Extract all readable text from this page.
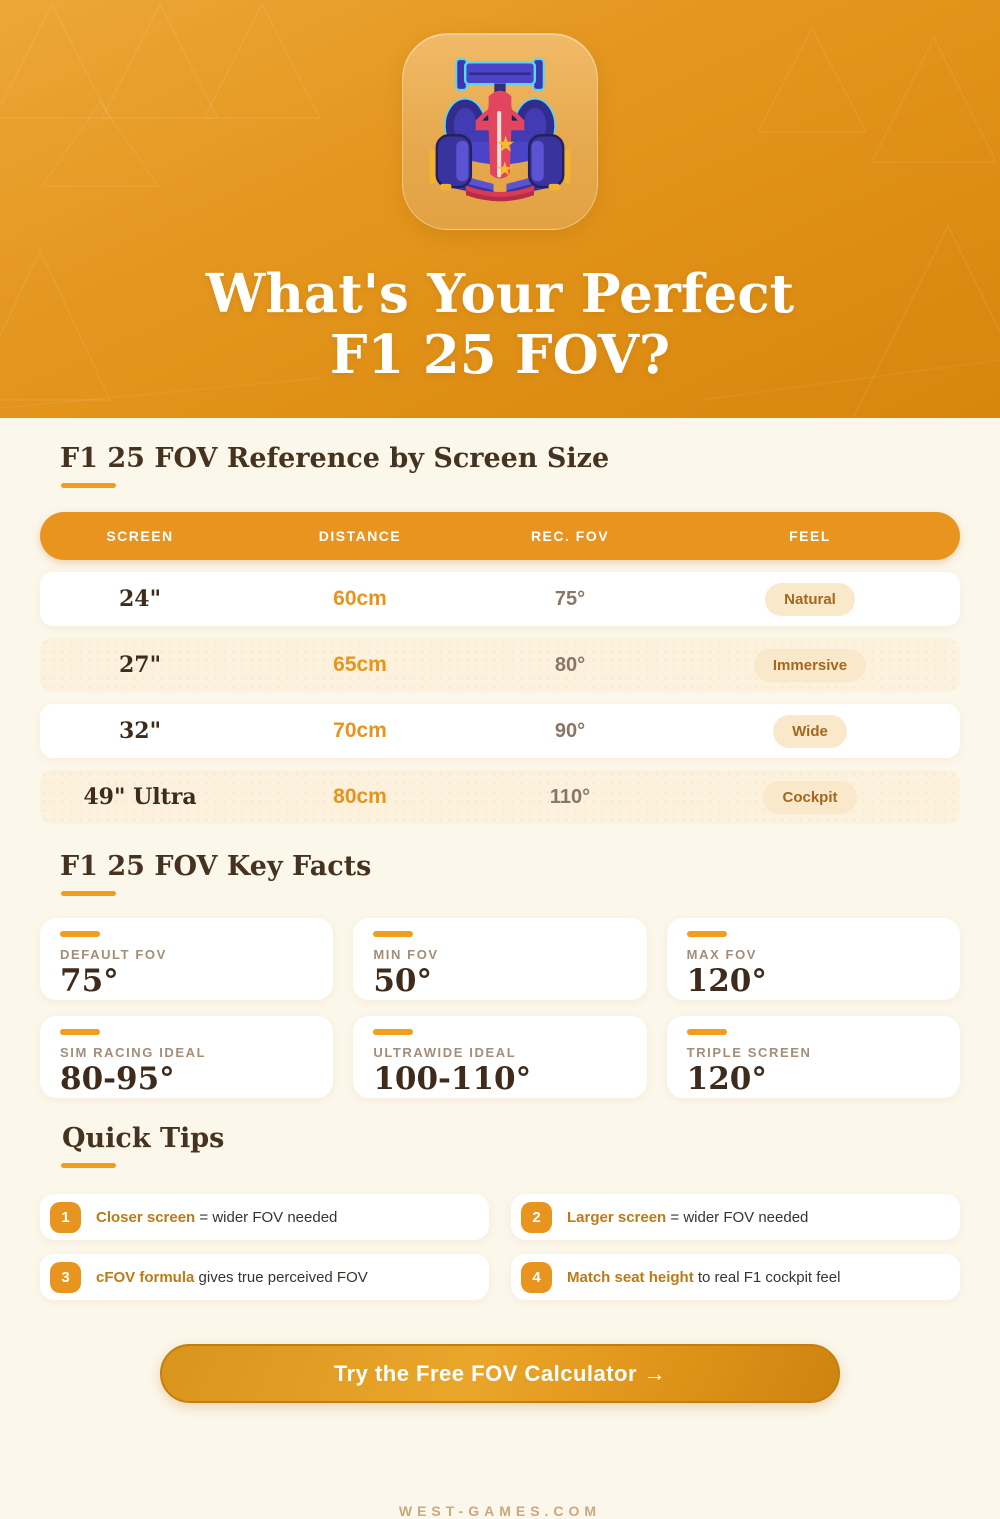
★
★
What's Your Perfect
F1 25 FOV?
F1 25 FOV Reference by Screen Size
SCREEN	DISTANCE	REC. FOV	FEEL
24"	60cm	75°	Natural
27"	65cm	80°	Immersive
32"	70cm	90°	Wide
49" Ultra	80cm	110°	Cockpit
F1 25 FOV Key Facts
DEFAULT FOV
75°
MIN FOV
50°
MAX FOV
120°
SIM RACING IDEAL
80-95°
ULTRAWIDE IDEAL
100-110°
TRIPLE SCREEN
120°
Quick Tips
1	Closer screen = wider FOV needed	2	Larger screen = wider FOV needed
3	cFOV formula gives true perceived FOV	4	Match seat height to real F1 cockpit feel
Try the Free FOV Calculator →
WEST-GAMES.COM
